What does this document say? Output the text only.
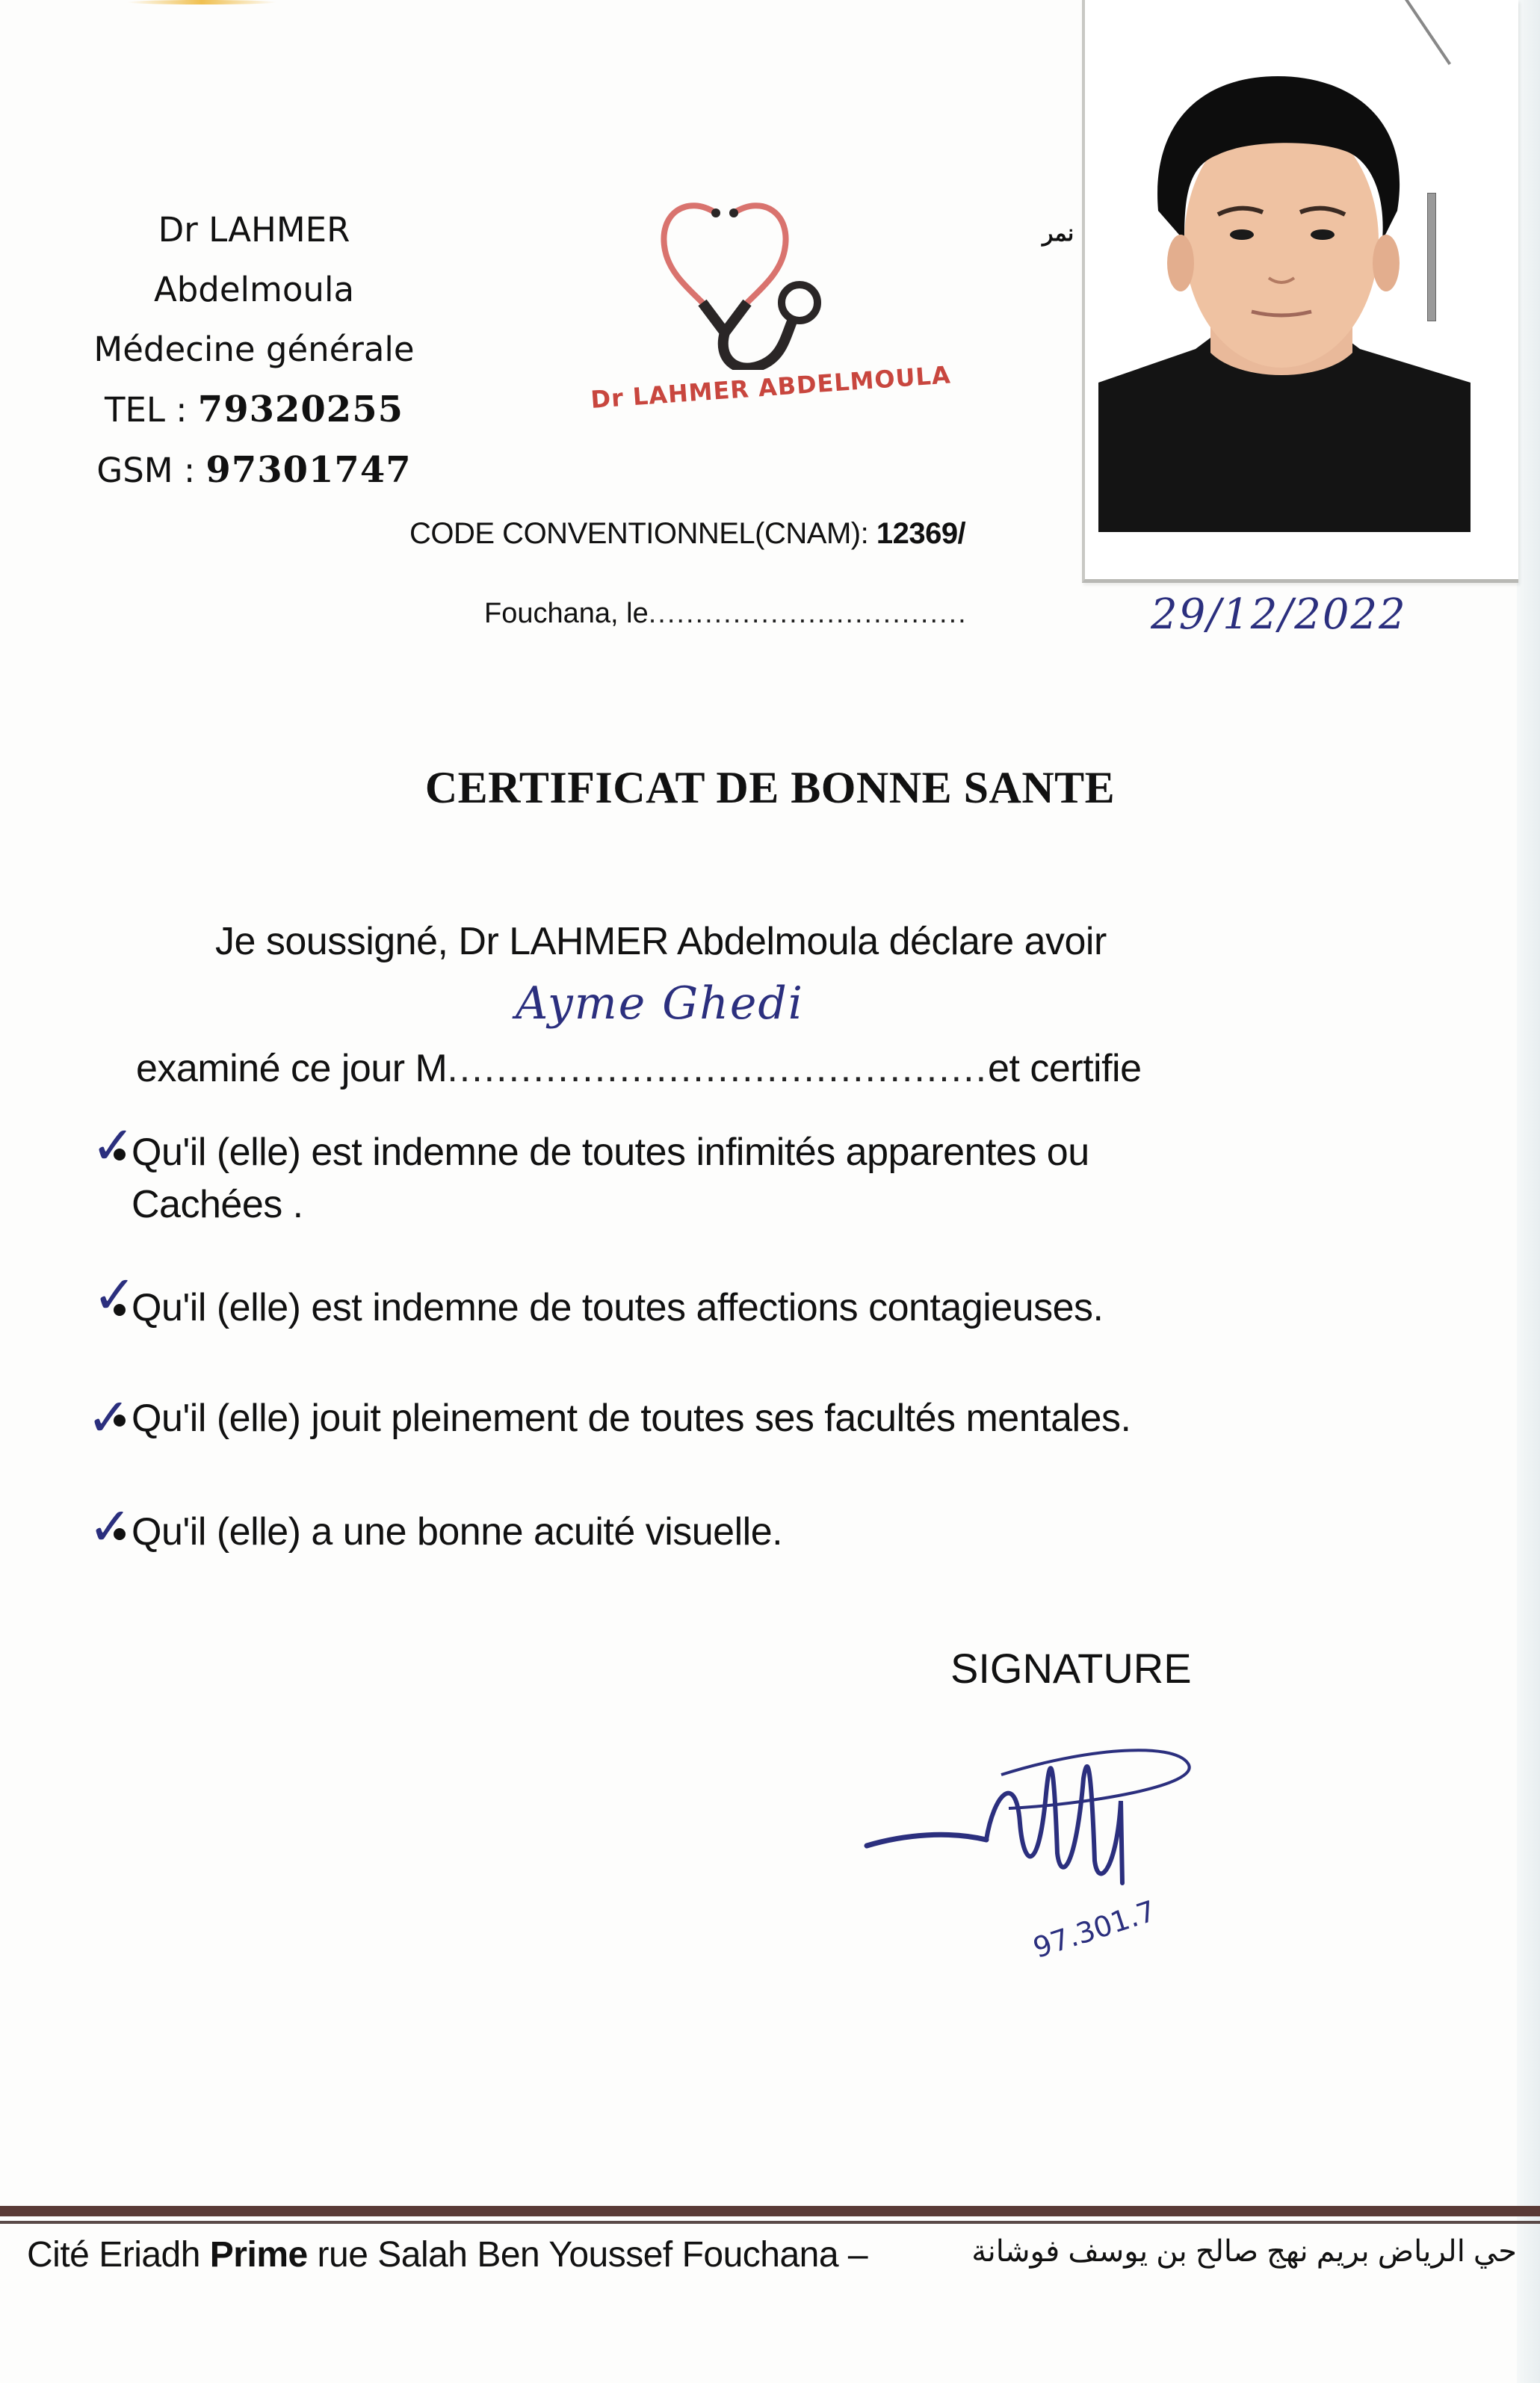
Dr LAHMER Abdelmoula
Médecine générale
TEL : 79320255
GSM : 97301747
Dr LAHMER ABDELMOULA
نمر
CODE CONVENTIONNEL(CNAM): 12369/
Fouchana, le..................................	29/12/2022
CERTIFICAT DE BONNE SANTE
Je soussigné, Dr LAHMER Abdelmoula déclare avoir
Ayme Ghedi
examiné ce jour M............................................et certifie
✓
Qu'il (elle) est indemne de toutes infimités apparentes ou
Cachées .
✓
Qu'il (elle) est indemne de toutes affections contagieuses.
✓ Qu'il (elle) jouit pleinement de toutes ses facultés mentales.
✓ Qu'il (elle) a une bonne acuité visuelle.
SIGNATURE
97.301.7
Cité Eriadh Prime rue Salah Ben Youssef Fouchana –	حي الرياض بريم نهج صالح بن يوسف فوشانة
